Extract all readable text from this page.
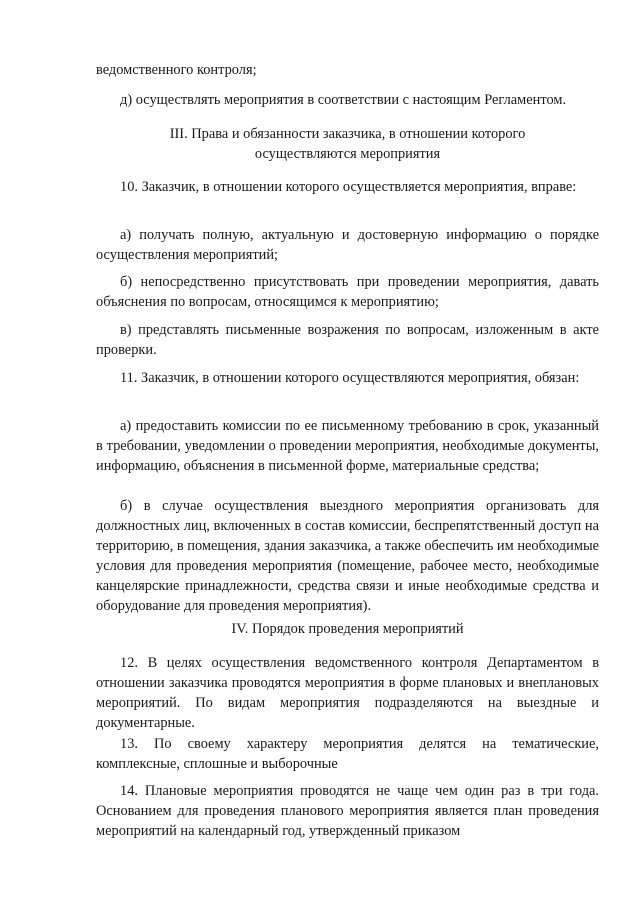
ведомственного контроля;

д) осуществлять мероприятия в соответствии с настоящим Регламентом.

III. Права и обязанности заказчика, в отношении которого
осуществляются мероприятия

10. Заказчик, в отношении которого осуществляется мероприятия, вправе:

а) получать полную, актуальную и достоверную информацию о порядке осуществления мероприятий;

б) непосредственно присутствовать при проведении мероприятия, давать объяснения по вопросам, относящимся к мероприятию;

в) представлять письменные возражения по вопросам, изложенным в акте проверки.

11. Заказчик, в отношении которого осуществляются мероприятия, обязан:

а) предоставить комиссии по ее письменному требованию в срок, указанный в требовании, уведомлении о проведении мероприятия, необходимые документы, информацию, объяснения в письменной форме, материальные средства;

б) в случае осуществления выездного мероприятия организовать для должностных лиц, включенных в состав комиссии, беспрепятственный доступ на территорию, в помещения, здания заказчика, а также обеспечить им необходимые условия для проведения мероприятия (помещение, рабочее место, необходимые канцелярские принадлежности, средства связи и иные необходимые средства и оборудование для проведения мероприятия).

IV. Порядок проведения мероприятий

12. В целях осуществления ведомственного контроля Департаментом в отношении заказчика проводятся мероприятия в форме плановых и внеплановых мероприятий. По видам мероприятия подразделяются на выездные и документарные.

13. По своему характеру мероприятия делятся на тематические, комплексные, сплошные и выборочные

14. Плановые мероприятия проводятся не чаще чем один раз в три года. Основанием для проведения планового мероприятия является план проведения мероприятий на календарный год, утвержденный приказом
